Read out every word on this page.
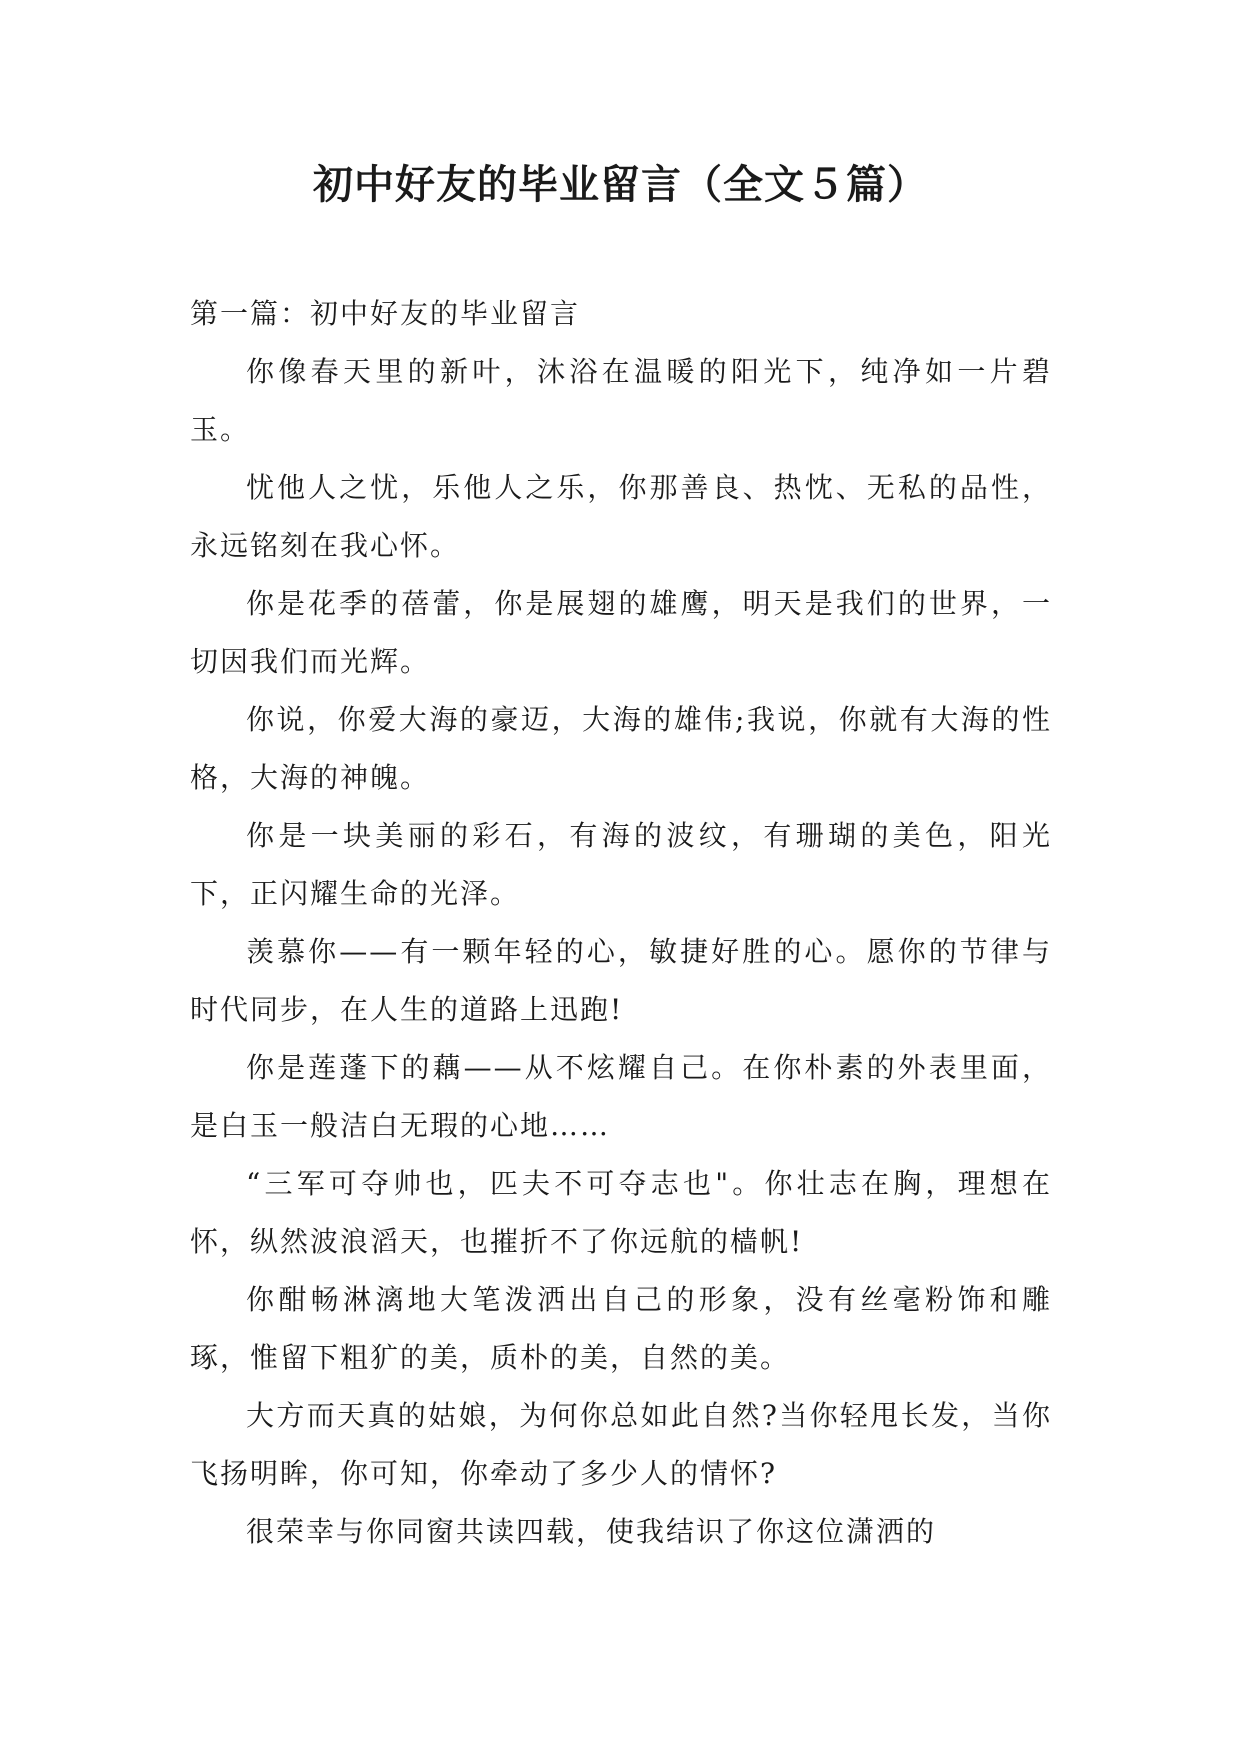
初中好友的毕业留言（全文５篇）
第一篇：初中好友的毕业留言

你像春天里的新叶，沐浴在温暖的阳光下，纯净如一片碧玉。

忧他人之忧，乐他人之乐，你那善良、热忱、无私的品性，永远铭刻在我心怀。

你是花季的蓓蕾，你是展翅的雄鹰，明天是我们的世界，一切因我们而光辉。

你说，你爱大海的豪迈，大海的雄伟;我说，你就有大海的性格，大海的神魄。

你是一块美丽的彩石，有海的波纹，有珊瑚的美色，阳光下，正闪耀生命的光泽。

羡慕你——有一颗年轻的心，敏捷好胜的心。愿你的节律与时代同步，在人生的道路上迅跑!

你是莲蓬下的藕——从不炫耀自己。在你朴素的外表里面，是白玉一般洁白无瑕的心地……

“三军可夺帅也，匹夫不可夺志也"。你壮志在胸，理想在怀，纵然波浪滔天，也摧折不了你远航的樯帆!

你酣畅淋漓地大笔泼洒出自己的形象，没有丝毫粉饰和雕琢，惟留下粗犷的美，质朴的美，自然的美。

大方而天真的姑娘，为何你总如此自然?当你轻甩长发，当你飞扬明眸，你可知，你牵动了多少人的情怀?

很荣幸与你同窗共读四载，使我结识了你这位潇洒的
